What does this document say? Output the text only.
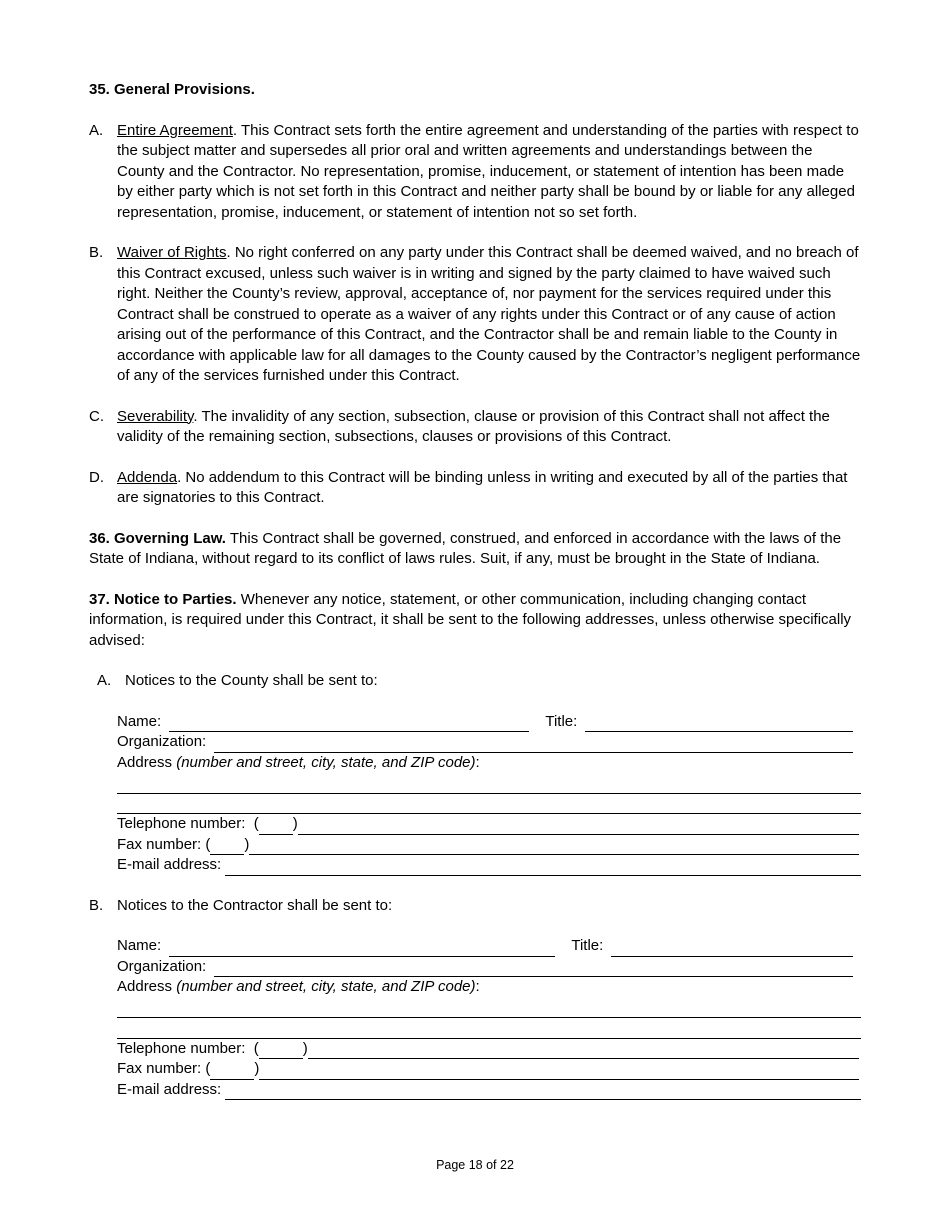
35. General Provisions.
A. Entire Agreement. This Contract sets forth the entire agreement and understanding of the parties with respect to the subject matter and supersedes all prior oral and written agreements and understandings between the County and the Contractor. No representation, promise, inducement, or statement of intention has been made by either party which is not set forth in this Contract and neither party shall be bound by or liable for any alleged representation, promise, inducement, or statement of intention not so set forth.
B. Waiver of Rights. No right conferred on any party under this Contract shall be deemed waived, and no breach of this Contract excused, unless such waiver is in writing and signed by the party claimed to have waived such right. Neither the County’s review, approval, acceptance of, nor payment for the services required under this Contract shall be construed to operate as a waiver of any rights under this Contract or of any cause of action arising out of the performance of this Contract, and the Contractor shall be and remain liable to the County in accordance with applicable law for all damages to the County caused by the Contractor’s negligent performance of any of the services furnished under this Contract.
C. Severability. The invalidity of any section, subsection, clause or provision of this Contract shall not affect the validity of the remaining section, subsections, clauses or provisions of this Contract.
D. Addenda. No addendum to this Contract will be binding unless in writing and executed by all of the parties that are signatories to this Contract.
36. Governing Law. This Contract shall be governed, construed, and enforced in accordance with the laws of the State of Indiana, without regard to its conflict of laws rules. Suit, if any, must be brought in the State of Indiana.
37. Notice to Parties. Whenever any notice, statement, or other communication, including changing contact information, is required under this Contract, it shall be sent to the following addresses, unless otherwise specifically advised:
A. Notices to the County shall be sent to:
Name:	Title:
Organization:
Address (number and street, city, state, and ZIP code):
Telephone number:  ( )
Fax number: ( )
E-mail address:
B. Notices to the Contractor shall be sent to:
Name:	Title:
Organization:
Address (number and street, city, state, and ZIP code):
Telephone number:  (	)
Fax number: (	)
E-mail address:
Page 18 of 22
